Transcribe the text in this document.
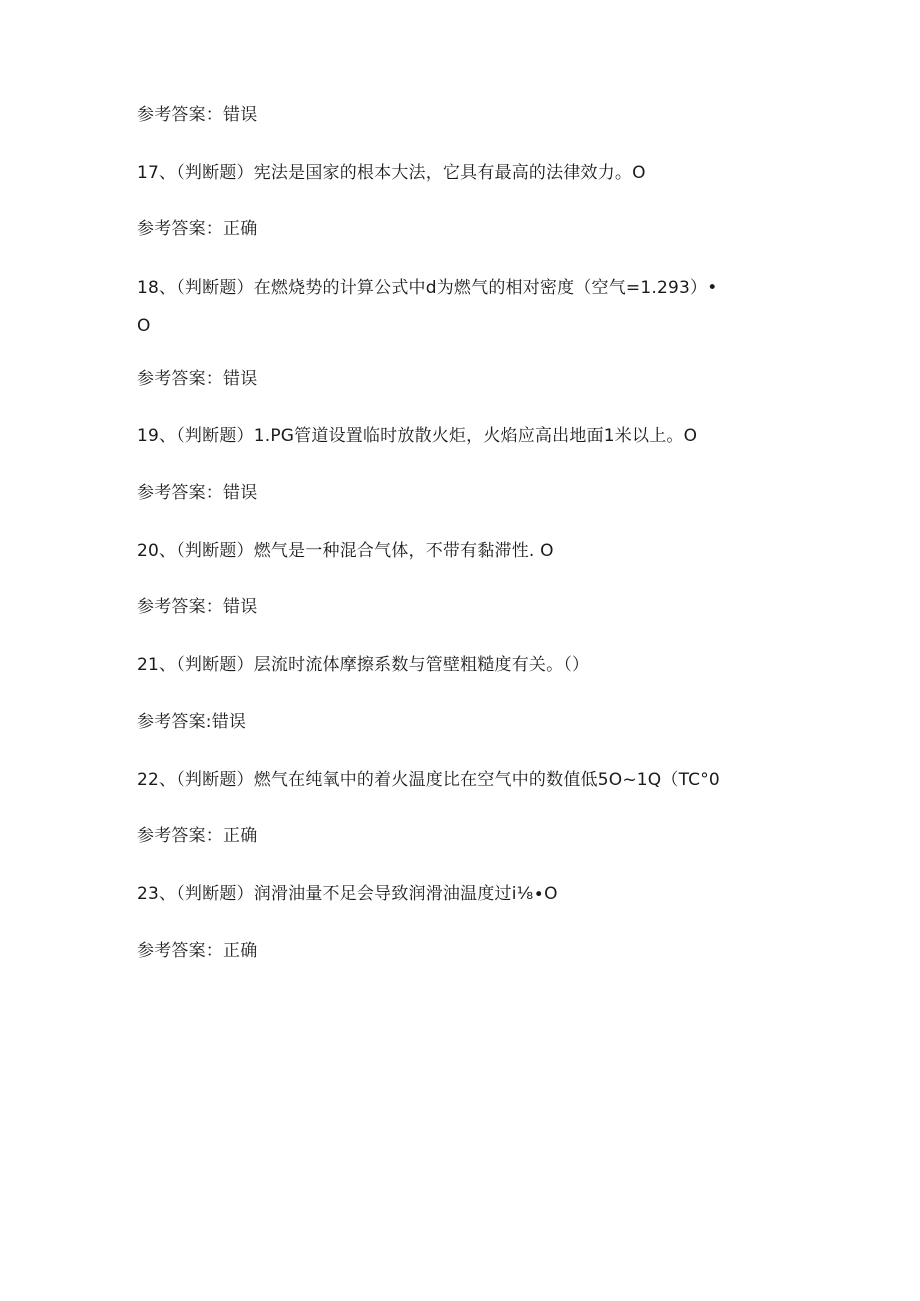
参考答案：错误
17、（判断题）宪法是国家的根本大法，它具有最高的法律效力。O
参考答案：正确
18、（判断题）在燃烧势的计算公式中d为燃气的相对密度（空气=1.293）•
O
参考答案：错误
19、（判断题）1.PG管道设置临时放散火炬，火焰应高出地面1米以上。O
参考答案：错误
20、（判断题）燃气是一种混合气体，不带有黏滞性. O
参考答案：错误
21、（判断题）层流时流体摩擦系数与管壁粗糙度有关。（）
参考答案:错误
22、（判断题）燃气在纯氧中的着火温度比在空气中的数值低5O~1Q（TC°0
参考答案：正确
23、（判断题）润滑油量不足会导致润滑油温度过i⅛∙O
参考答案：正确
